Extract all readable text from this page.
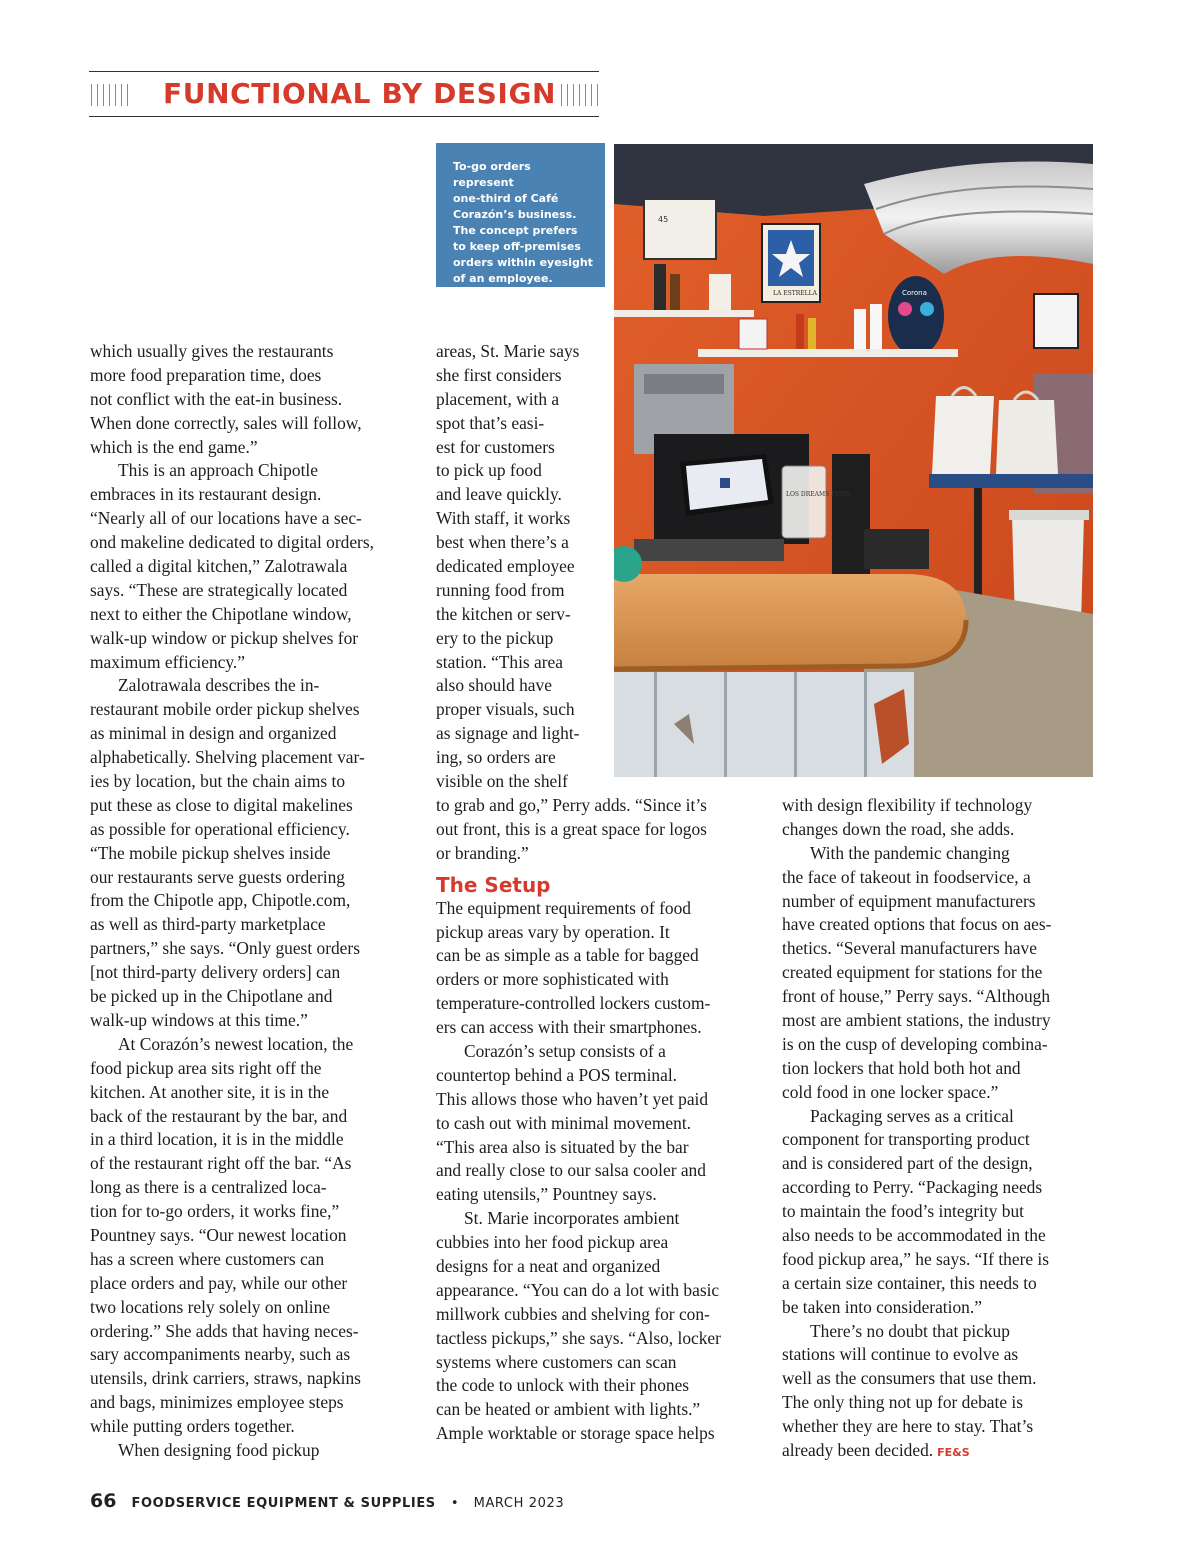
FUNCTIONAL BY DESIGN
To-go orders represent
one-third of Café
Corazón’s business.
The concept prefers
to keep off-premises
orders within eyesight
of an employee.
45
LA ESTRELLA	Corona
LOS DREAMS FUND
which usually gives the restaurants
more food preparation time, does
not conflict with the eat-in business.
When done correctly, sales will follow,
which is the end game.”
This is an approach Chipotle
embraces in its restaurant design.
“Nearly all of our locations have a sec-
ond makeline dedicated to digital orders,
called a digital kitchen,” Zalotrawala
says. “These are strategically located
next to either the Chipotlane window,
walk-up window or pickup shelves for
maximum efficiency.”
Zalotrawala describes the in-
restaurant mobile order pickup shelves
as minimal in design and organized
alphabetically. Shelving placement var-
ies by location, but the chain aims to
put these as close to digital makelines
as possible for operational efficiency.
“The mobile pickup shelves inside
our restaurants serve guests ordering
from the Chipotle app, Chipotle.com,
as well as third-party marketplace
partners,” she says. “Only guest orders
[not third-party delivery orders] can
be picked up in the Chipotlane and
walk-up windows at this time.”
At Corazón’s newest location, the
food pickup area sits right off the
kitchen. At another site, it is in the
back of the restaurant by the bar, and
in a third location, it is in the middle
of the restaurant right off the bar. “As
long as there is a centralized loca-
tion for to-go orders, it works fine,”
Pountney says. “Our newest location
has a screen where customers can
place orders and pay, while our other
two locations rely solely on online
ordering.” She adds that having neces-
sary accompaniments nearby, such as
utensils, drink carriers, straws, napkins
and bags, minimizes employee steps
while putting orders together.
When designing food pickup
areas, St. Marie says
she first considers
placement, with a
spot that’s easi-
est for customers
to pick up food
and leave quickly.
With staff, it works
best when there’s a
dedicated employee
running food from
the kitchen or serv-
ery to the pickup
station. “This area
also should have
proper visuals, such
as signage and light-
ing, so orders are
visible on the shelf
to grab and go,” Perry adds. “Since it’s
out front, this is a great space for logos
or branding.”
The Setup
The equipment requirements of food
pickup areas vary by operation. It
can be as simple as a table for bagged
orders or more sophisticated with
temperature-controlled lockers custom-
ers can access with their smartphones.
Corazón’s setup consists of a
countertop behind a POS terminal.
This allows those who haven’t yet paid
to cash out with minimal movement.
“This area also is situated by the bar
and really close to our salsa cooler and
eating utensils,” Pountney says.
St. Marie incorporates ambient
cubbies into her food pickup area
designs for a neat and organized
appearance. “You can do a lot with basic
millwork cubbies and shelving for con-
tactless pickups,” she says. “Also, locker
systems where customers can scan
the code to unlock with their phones
can be heated or ambient with lights.”
Ample worktable or storage space helps
with design flexibility if technology
changes down the road, she adds.
With the pandemic changing
the face of takeout in foodservice, a
number of equipment manufacturers
have created options that focus on aes-
thetics. “Several manufacturers have
created equipment for stations for the
front of house,” Perry says. “Although
most are ambient stations, the industry
is on the cusp of developing combina-
tion lockers that hold both hot and
cold food in one locker space.”
Packaging serves as a critical
component for transporting product
and is considered part of the design,
according to Perry. “Packaging needs
to maintain the food’s integrity but
also needs to be accommodated in the
food pickup area,” he says. “If there is
a certain size container, this needs to
be taken into consideration.”
There’s no doubt that pickup
stations will continue to evolve as
well as the consumers that use them.
The only thing not up for debate is
whether they are here to stay. That’s
already been decided. FE&S
66 FOODSERVICE EQUIPMENT & SUPPLIES • MARCH 2023
